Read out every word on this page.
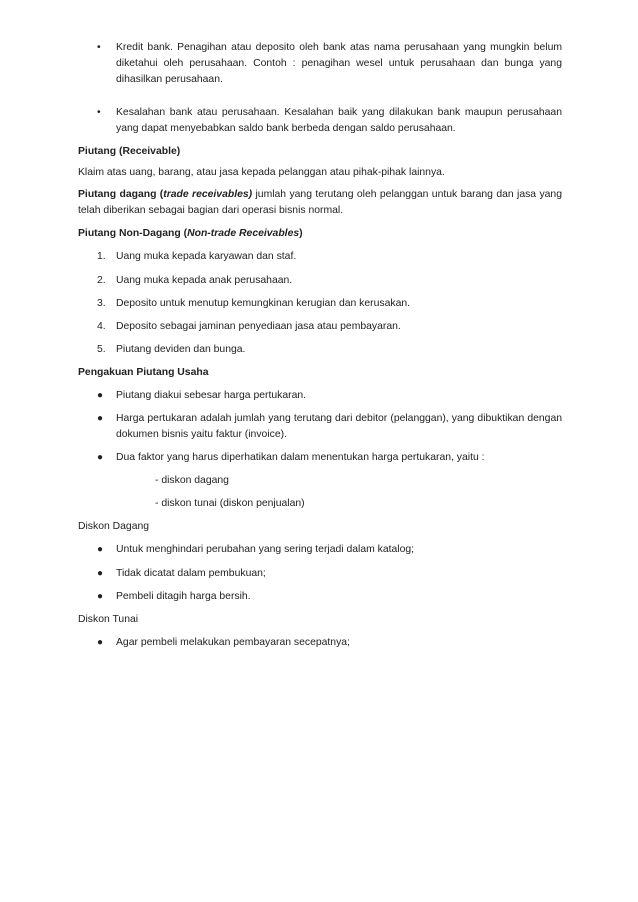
•	Kredit bank. Penagihan atau deposito oleh bank atas nama perusahaan yang mungkin belum diketahui oleh perusahaan. Contoh : penagihan wesel untuk perusahaan dan bunga yang dihasilkan perusahaan.
•	Kesalahan bank atau perusahaan. Kesalahan baik yang dilakukan bank maupun perusahaan yang dapat menyebabkan saldo bank berbeda dengan saldo perusahaan.
Piutang (Receivable)
Klaim atas uang, barang, atau jasa kepada pelanggan atau pihak-pihak lainnya.
Piutang dagang (trade receivables) jumlah yang terutang oleh pelanggan untuk barang dan jasa yang telah diberikan sebagai bagian dari operasi bisnis normal.
Piutang Non-Dagang (Non-trade Receivables)
1. Uang muka kepada karyawan dan staf.
2. Uang muka kepada anak perusahaan.
3. Deposito untuk menutup kemungkinan kerugian dan kerusakan.
4. Deposito sebagai jaminan penyediaan jasa atau pembayaran.
5. Piutang deviden dan bunga.
Pengakuan Piutang Usaha
●	Piutang diakui sebesar harga pertukaran.
●	Harga pertukaran adalah jumlah yang terutang dari debitor (pelanggan), yang dibuktikan dengan dokumen bisnis yaitu faktur (invoice).
●	Dua faktor yang harus diperhatikan dalam menentukan harga pertukaran, yaitu :
- diskon dagang
- diskon tunai (diskon penjualan)
Diskon Dagang
●	Untuk menghindari perubahan yang sering terjadi dalam katalog;
●	Tidak dicatat dalam pembukuan;
●	Pembeli ditagih harga bersih.
Diskon Tunai
●	Agar pembeli melakukan pembayaran secepatnya;
